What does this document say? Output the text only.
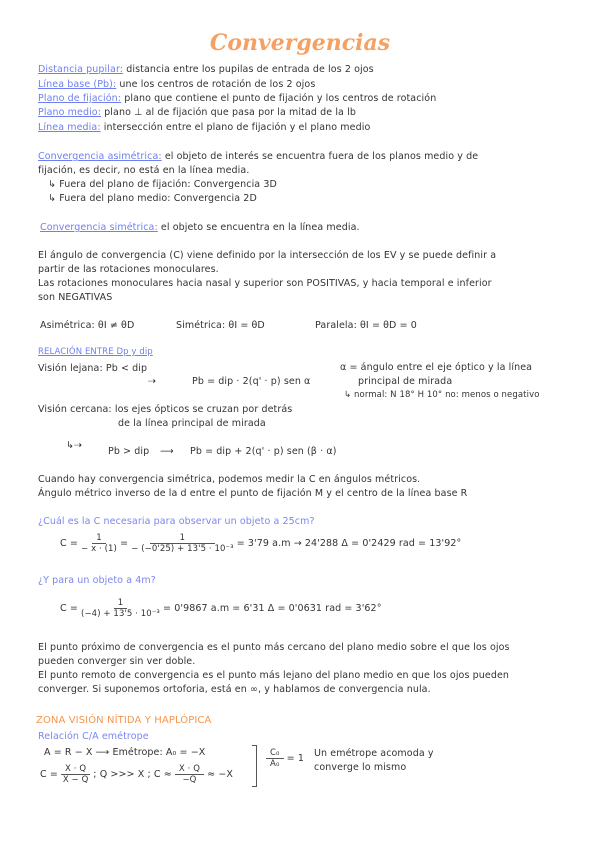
Convergencias
Distancia pupilar: distancia entre los pupilas de entrada de los 2 ojos
Línea base (Pb): une los centros de rotación de los 2 ojos
Plano de fijación: plano que contiene el punto de fijación y los centros de rotación
Plano medio: plano ⊥ al de fijación que pasa por la mitad de la lb
Línea media: intersección entre el plano de fijación y el plano medio
Convergencia asimétrica: el objeto de interés se encuentra fuera de los planos medio y de
fijación, es decir, no está en la línea media.
↳ Fuera del plano de fijación: Convergencia 3D
↳ Fuera del plano medio: Convergencia 2D
Convergencia simétrica: el objeto se encuentra en la línea media.
El ángulo de convergencia (C) viene definido por la intersección de los EV y se puede definir a
partir de las rotaciones monoculares.
Las rotaciones monoculares hacia nasal y superior son POSITIVAS, y hacia temporal e inferior
son NEGATIVAS
Asimétrica: θI ≠ θD	Simétrica: θI = θD	Paralela: θI = θD = 0
RELACIÓN ENTRE Dp y dip
Visión lejana: Pb < dip
⇢	Pb = dip · 2(q' · p) sen α
α = ángulo entre el eje óptico y la línea
principal de mirada
↳ normal: N 18° H 10° no: menos o negativo
Visión cercana: los ejes ópticos se cruzan por detrás
de la línea principal de mirada
↳⇢
Pb > dip ⟶ Pb = dip + 2(q' · p) sen (β · α)
Cuando hay convergencia simétrica, podemos medir la C en ángulos métricos.
Ángulo métrico inverso de la d entre el punto de fijación M y el centro de la línea base R
¿Cuál es la C necesaria para observar un objeto a 25cm?
$C = \frac{1}{- x \cdot (1)} = \frac{1}{\text{− (−0'25) + 13'5 · 10⁻³}} = 3'79$ a.m → 24'288 Δ = 0'2429 rad = 13'92°
¿Y para un objeto a 4m?
$C = \frac{1}{\text{(−4) + 13'5 · 10⁻³}} = 0'9867$ a.m = 6'31 Δ = 0'0631 rad = 3'62°
El punto próximo de convergencia es el punto más cercano del plano medio sobre el que los ojos
pueden converger sin ver doble.
El punto remoto de convergencia es el punto más lejano del plano medio en que los ojos pueden
converger. Si suponemos ortoforia, está en ∞, y hablamos de convergencia nula.
ZONA VISIÓN NÍTIDA Y HAPLÓPICA
Relación C/A emétrope
A = R − X ⟶ Emétrope: A₀ = −X
$C = \frac{X \cdot Q}{X - Q}$ ; Q >>> X ; $C \approx \frac{X \cdot Q}{-Q} \approx -X$
$\frac{\text{C₀}}{\text{A₀}} = 1$ Un emétrope acomoda y
converge lo mismo
